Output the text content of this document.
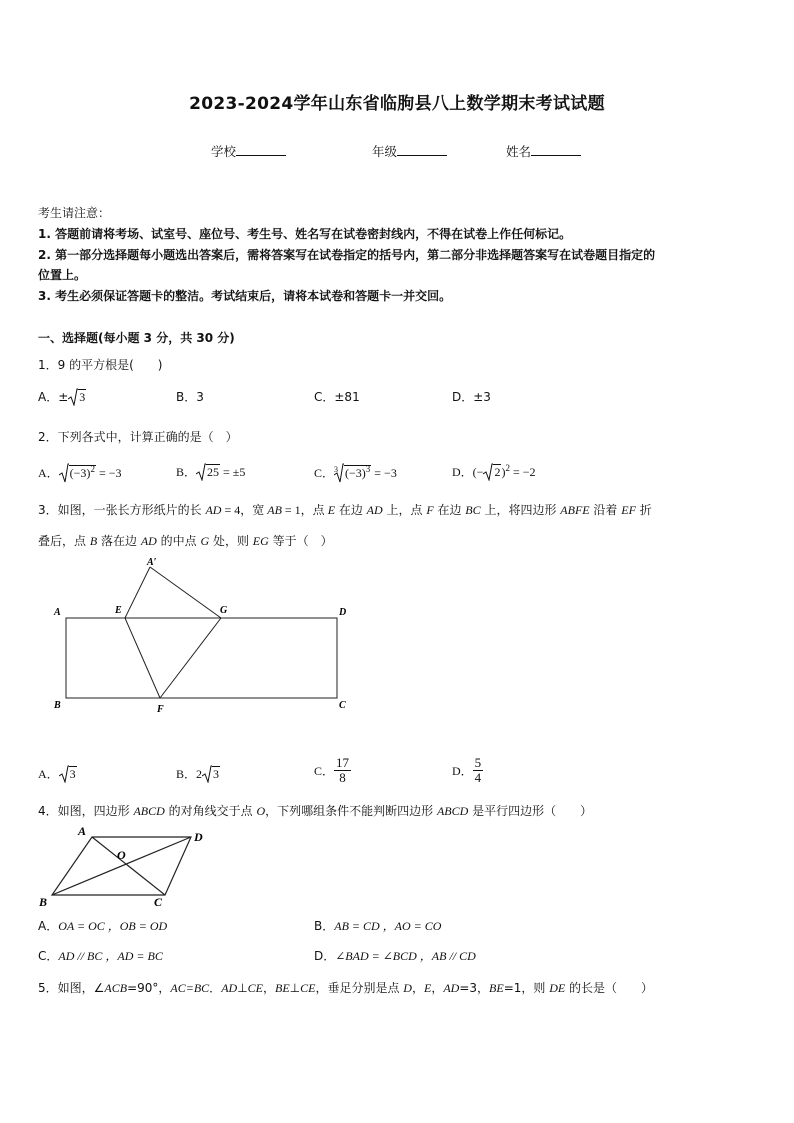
2023-2024学年山东省临朐县八上数学期末考试试题
学校	年级	姓名
考生请注意：
1. 答题前请将考场、试室号、座位号、考生号、姓名写在试卷密封线内，不得在试卷上作任何标记。
2. 第一部分选择题每小题选出答案后，需将答案写在试卷指定的括号内，第二部分非选择题答案写在试卷题目指定的
位置上。
3. 考生必须保证答题卡的整洁。考试结束后，请将本试卷和答题卡一并交回。
一、选择题(每小题 3 分，共 30 分)
1．9 的平方根是(　　)
A．± 3	B．3	C．±81	D．±3
2．下列各式中，计算正确的是（　）
A． $(-3)^2 = -3$	B． 25 = ±5	C．$^3$ $(-3)^3 = -3$	D．(− 2)$^2$ = −2
3．如图，一张长方形纸片的长 AD = 4，宽 AB = 1，点 E 在边 AD 上，点 F 在边 BC 上，将四边形 ABFE 沿着 EF 折
叠后，点 B 落在边 AD 的中点 G 处，则 EG 等于（　）
A
A′
E	G	D
B	F	C
A． 3	B．2 3	C． $\frac{17}{8}$	D． $\frac{5}{4}$
4．如图，四边形 ABCD 的对角线交于点 O，下列哪组条件不能判断四边形 ABCD 是平行四边形（　　）
A	D
O
B	C
A．OA = OC ，OB = OD	B．AB = CD ，AO = CO
C．AD // BC ，AD = BC	D．∠BAD = ∠BCD ，AB // CD
5．如图，∠ACB=90°，AC=BC．AD⊥CE，BE⊥CE，垂足分别是点 D，E，AD=3，BE=1，则 DE 的长是（　　）
